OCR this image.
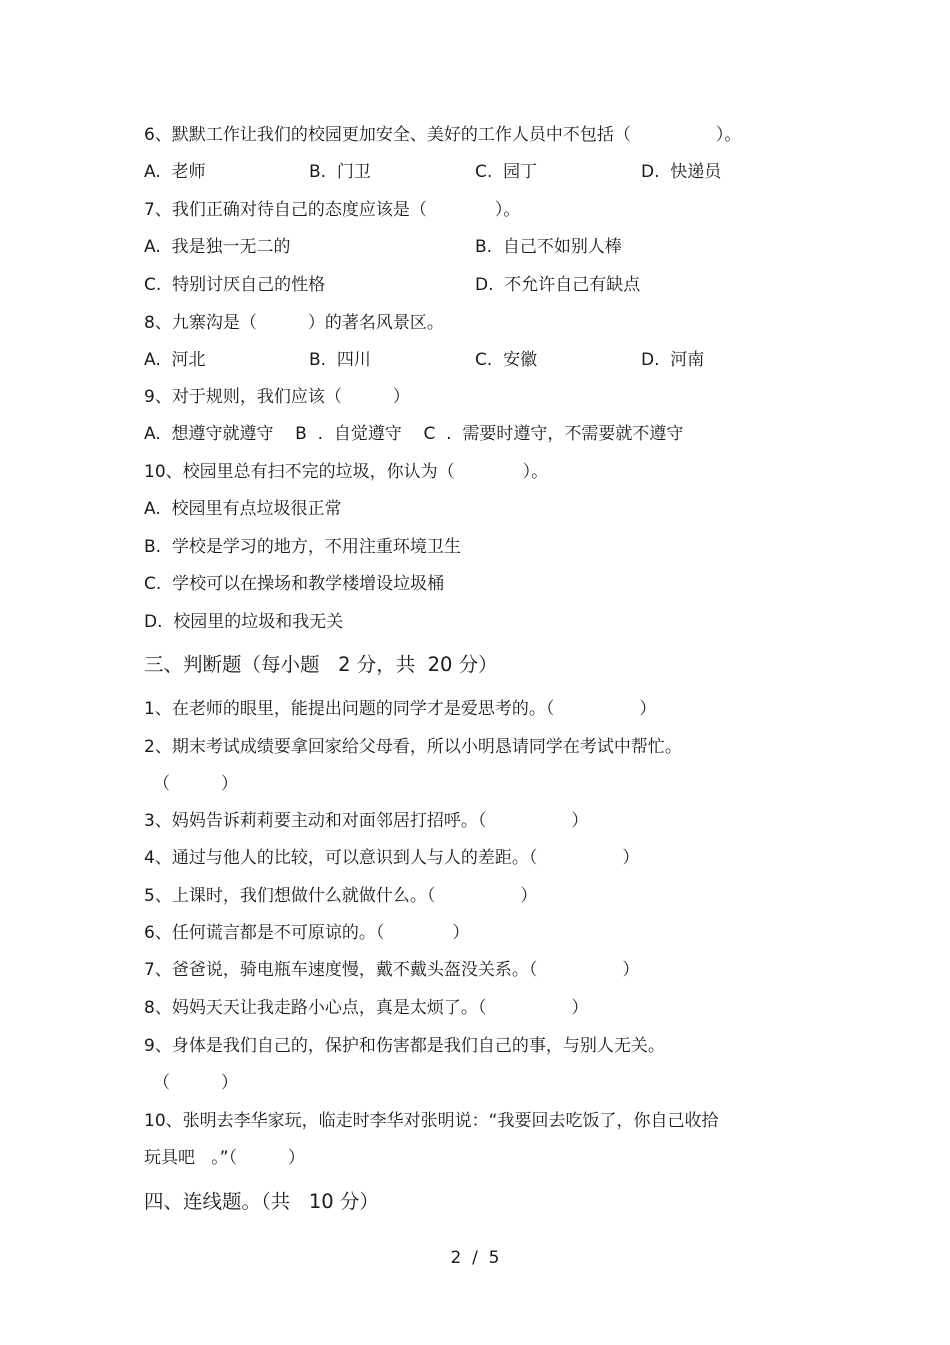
6、默默工作让我们的校园更加安全、美好的工作人员中不包括（　　　　　）。
A.  老师	B.  门卫	C.  园丁	D.  快递员
7、我们正确对待自己的态度应该是（　　　　）。
A.  我是独一无二的	B.  自己不如别人棒
C.  特别讨厌自己的性格	D.  不允许自己有缺点
8、九寨沟是（　　　）的著名风景区。
A.  河北	B.  四川	C.  安徽	D.  河南
9、对于规则，我们应该（　　　）
A.  想遵守就遵守    B  .  自觉遵守    C  .  需要时遵守，不需要就不遵守
10、校园里总有扫不完的垃圾，你认为（　　　　）。
A.  校园里有点垃圾很正常
B.  学校是学习的地方，不用注重环境卫生
C.  学校可以在操场和教学楼增设垃圾桶
D.  校园里的垃圾和我无关
三、判断题（每小题   2 分，共  20 分）
1、在老师的眼里，能提出问题的同学才是爱思考的。（　　　　　）
2、期末考试成绩要拿回家给父母看，所以小明恳请同学在考试中帮忙。
（　　　）
3、妈妈告诉莉莉要主动和对面邻居打招呼。（　　　　　）
4、通过与他人的比较，可以意识到人与人的差距。（　　　　　）
5、上课时，我们想做什么就做什么。（　　　　　）
6、任何谎言都是不可原谅的。（　　　　）
7、爸爸说，骑电瓶车速度慢，戴不戴头盔没关系。（　　　　　）
8、妈妈天天让我走路小心点，真是太烦了。（　　　　　）
9、身体是我们自己的，保护和伤害都是我们自己的事，与别人无关。
（　　　）
10、张明去李华家玩，临走时李华对张明说：“我要回去吃饭了，你自己收拾
玩具吧   。”（　　　）
四、连线题。（共   10 分）
2  /  5
